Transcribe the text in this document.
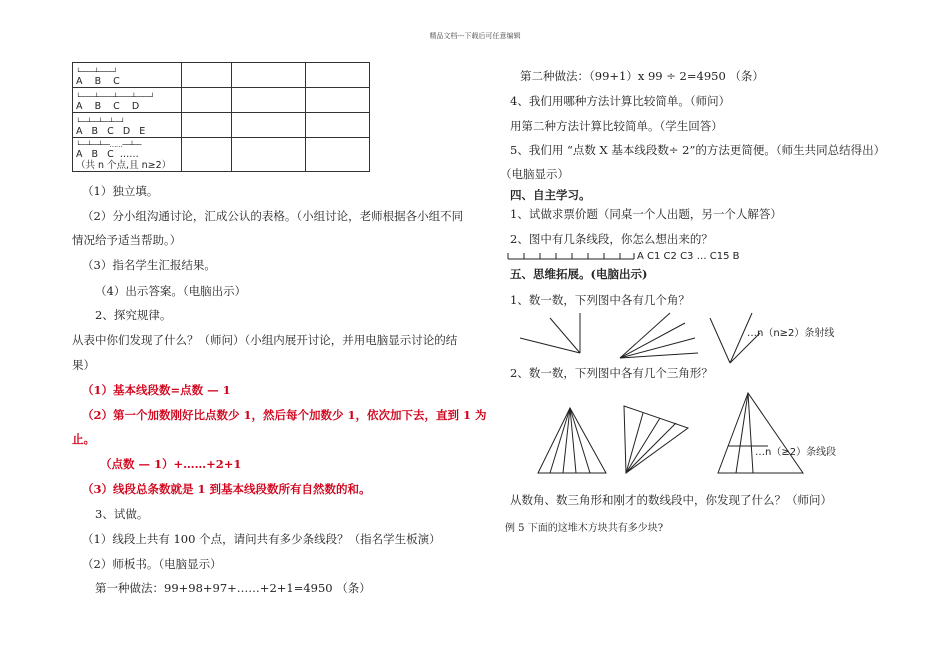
精品文档---下载后可任意编辑
└────┴────┘
A    B    C			

└────┴────┴────┴────┘
A    B    C    D			

└──┴──┴──┴──┘
A   B   C   D   E			

└──┴──┴──……──┴──
A   B   C  ……
（共 n 个点,且 n≥2）			

（1）独立填。
（2）分小组沟通讨论，汇成公认的表格。（小组讨论，老师根据各小组不同
情况给予适当帮助。）
（3）指名学生汇报结果。
（4）出示答案。（电脑出示）
2、探究规律。
从表中你们发现了什么？（师问）（小组内展开讨论，并用电脑显示讨论的结
果）
（1）基本线段数=点数 — 1
（2）第一个加数刚好比点数少 1，然后每个加数少 1，依次加下去，直到 1 为
止。
（点数 — 1）+……+2+1
（3）线段总条数就是 1 到基本线段数所有自然数的和。
3、试做。
（1）线段上共有 100 个点，请问共有多少条线段？（指名学生板演）
（2）师板书。（电脑显示）
第一种做法：99+98+97+……+2+1=4950 （条）
第二种做法：（99+1）x 99 ÷ 2=4950 （条）
4、我们用哪种方法计算比较简单。（师问）
用第二种方法计算比较简单。（学生回答）
5、我们用 “点数 X 基本线段数÷ 2”的方法更简便。（师生共同总结得出）
（电脑显示）
四、自主学习。
1、试做求票价题（同桌一个人出题，另一个人解答）
2、图中有几条线段，你怎么想出来的？
A C1 C2 C3 … C15 B
五、思维拓展。(电脑出示)
1、数一数，下列图中各有几个角？
…n（n≥2）条射线
2、数一数，下列图中各有几个三角形？
…n（≥2）条线段
从数角、数三角形和刚才的数线段中，你发现了什么？（师问）
例 5 下面的这堆木方块共有多少块?
